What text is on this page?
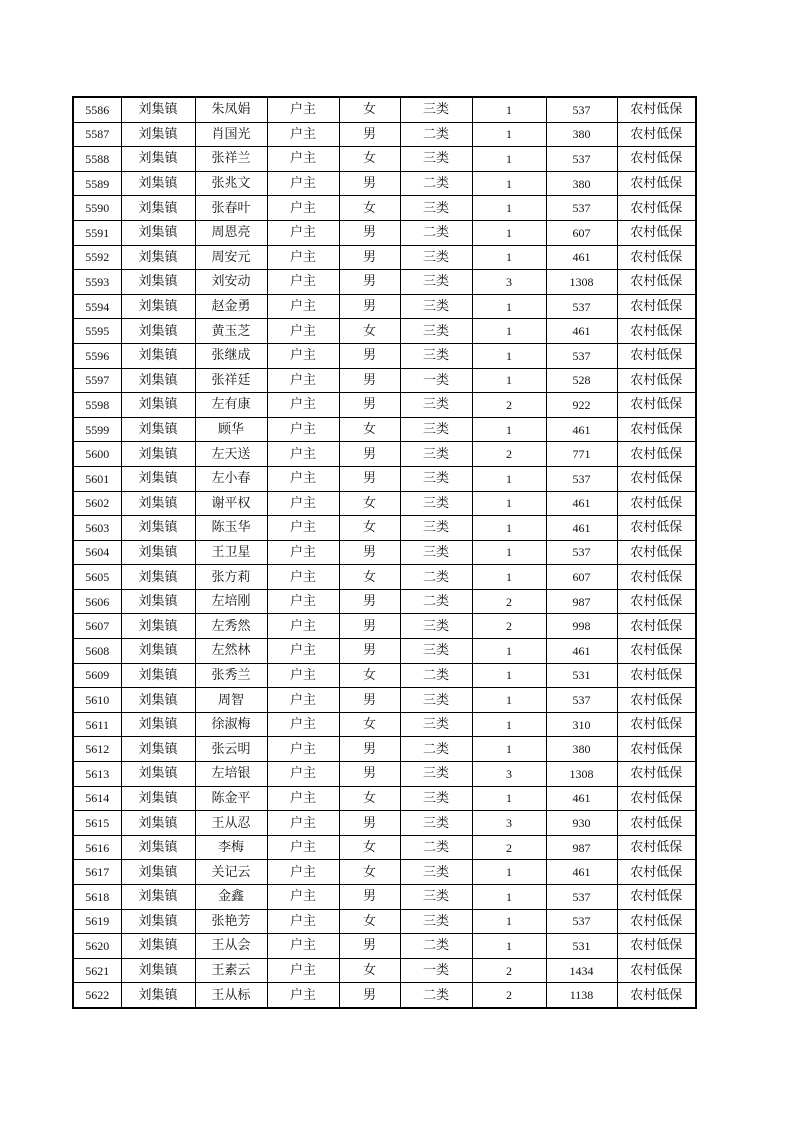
5586	刘集镇	朱凤娟	户主	女	三类	1	537	农村低保
5587	刘集镇	肖国光	户主	男	二类	1	380	农村低保
5588	刘集镇	张祥兰	户主	女	三类	1	537	农村低保
5589	刘集镇	张兆文	户主	男	二类	1	380	农村低保
5590	刘集镇	张春叶	户主	女	三类	1	537	农村低保
5591	刘集镇	周恩亮	户主	男	二类	1	607	农村低保
5592	刘集镇	周安元	户主	男	三类	1	461	农村低保
5593	刘集镇	刘安动	户主	男	三类	3	1308	农村低保
5594	刘集镇	赵金勇	户主	男	三类	1	537	农村低保
5595	刘集镇	黄玉芝	户主	女	三类	1	461	农村低保
5596	刘集镇	张继成	户主	男	三类	1	537	农村低保
5597	刘集镇	张祥廷	户主	男	一类	1	528	农村低保
5598	刘集镇	左有康	户主	男	三类	2	922	农村低保
5599	刘集镇	顾华	户主	女	三类	1	461	农村低保
5600	刘集镇	左天送	户主	男	三类	2	771	农村低保
5601	刘集镇	左小春	户主	男	三类	1	537	农村低保
5602	刘集镇	谢平权	户主	女	三类	1	461	农村低保
5603	刘集镇	陈玉华	户主	女	三类	1	461	农村低保
5604	刘集镇	王卫星	户主	男	三类	1	537	农村低保
5605	刘集镇	张方莉	户主	女	二类	1	607	农村低保
5606	刘集镇	左培刚	户主	男	二类	2	987	农村低保
5607	刘集镇	左秀然	户主	男	三类	2	998	农村低保
5608	刘集镇	左然林	户主	男	三类	1	461	农村低保
5609	刘集镇	张秀兰	户主	女	二类	1	531	农村低保
5610	刘集镇	周智	户主	男	三类	1	537	农村低保
5611	刘集镇	徐淑梅	户主	女	三类	1	310	农村低保
5612	刘集镇	张云明	户主	男	二类	1	380	农村低保
5613	刘集镇	左培银	户主	男	三类	3	1308	农村低保
5614	刘集镇	陈金平	户主	女	三类	1	461	农村低保
5615	刘集镇	王从忍	户主	男	三类	3	930	农村低保
5616	刘集镇	李梅	户主	女	二类	2	987	农村低保
5617	刘集镇	关记云	户主	女	三类	1	461	农村低保
5618	刘集镇	金鑫	户主	男	三类	1	537	农村低保
5619	刘集镇	张艳芳	户主	女	三类	1	537	农村低保
5620	刘集镇	王从会	户主	男	二类	1	531	农村低保
5621	刘集镇	王素云	户主	女	一类	2	1434	农村低保
5622	刘集镇	王从标	户主	男	二类	2	1138	农村低保
